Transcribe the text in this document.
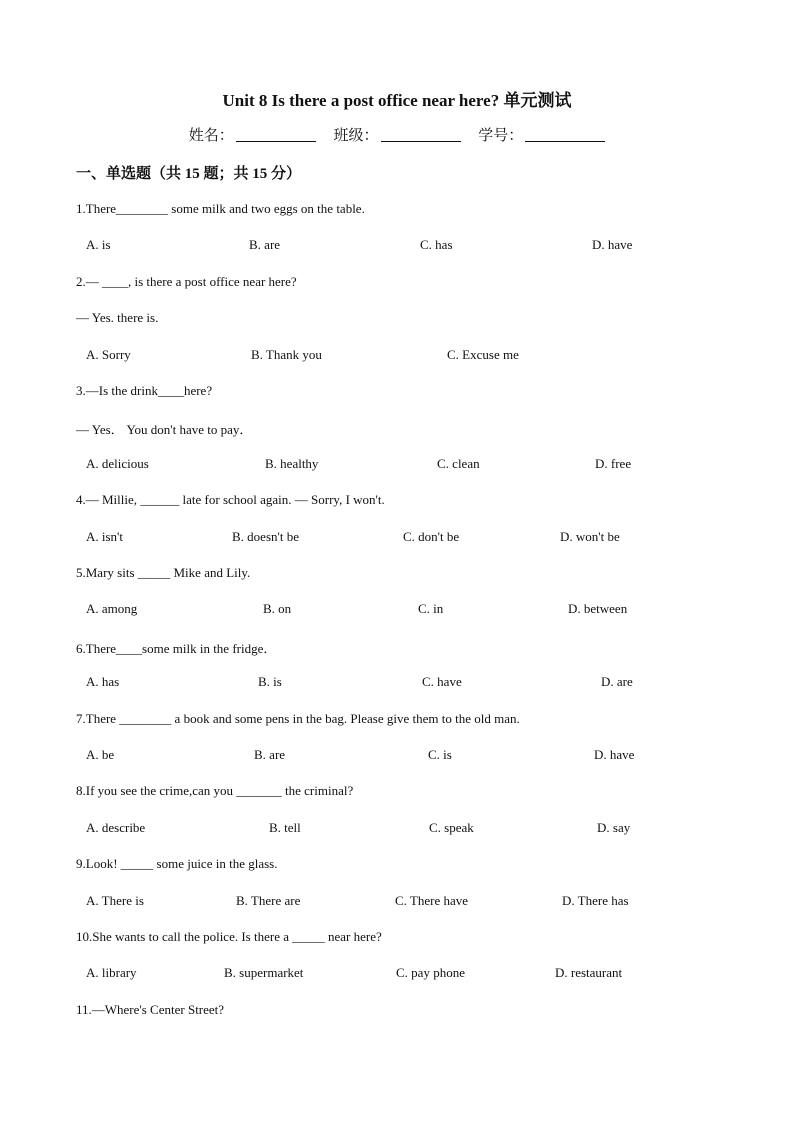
Unit 8 Is there a post office near here? 单元测试
姓名：	班级：	学号：
一、单选题（共 15 题；共 15 分）
1.There________ some milk and two eggs on the table.
A. is	B. are	C. has	D. have
2.— ____, is there a post office near here?
— Yes. there is.
A. Sorry	B. Thank you	C. Excuse me
3.—Is the drink____here?
— Yes． You don't have to pay．
A. delicious	B. healthy	C. clean	D. free
4.— Millie, ______ late for school again. — Sorry, I won't.
A. isn't	B. doesn't be	C. don't be	D. won't be
5.Mary sits _____ Mike and Lily.
A. among	B. on	C. in	D. between
6.There____some milk in the fridge．
A. has	B. is	C. have	D. are
7.There ________ a book and some pens in the bag. Please give them to the old man.
A. be	B. are	C. is	D. have
8.If you see the crime,can you _______ the criminal?
A. describe	B. tell	C. speak	D. say
9.Look! _____ some juice in the glass.
A. There is	B. There are	C. There have	D. There has
10.She wants to call the police. Is there a _____ near here?
A. library	B. supermarket	C. pay phone	D. restaurant
11.—Where's Center Street?
